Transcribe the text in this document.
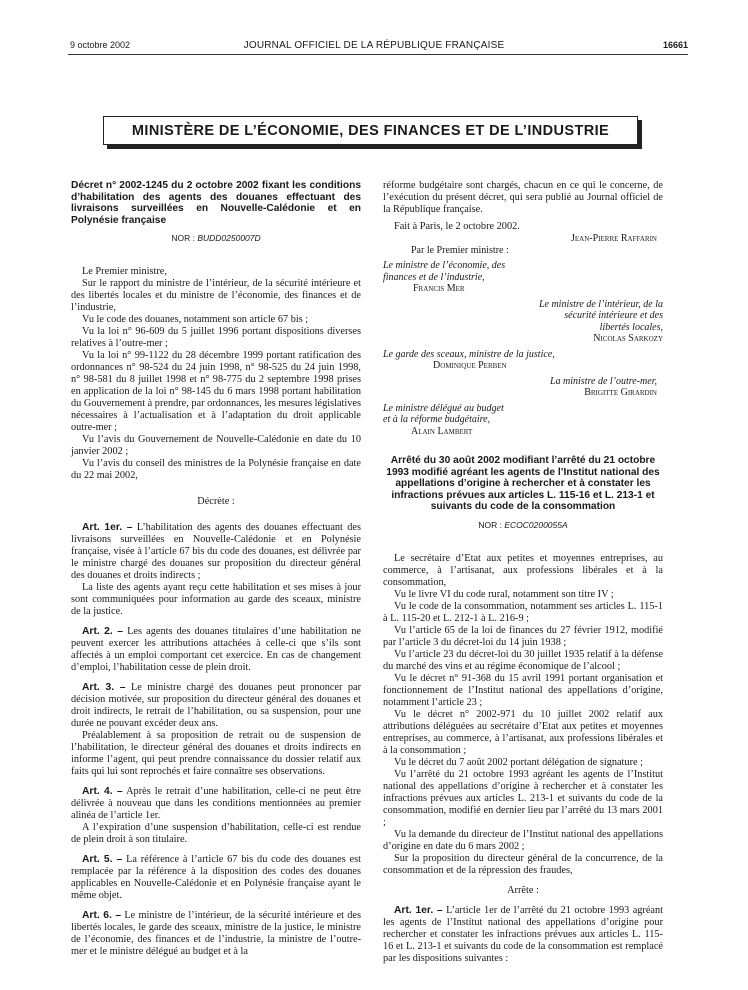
9 octobre 2002	JOURNAL OFFICIEL DE LA RÉPUBLIQUE FRANÇAISE	16661
MINISTÈRE DE L’ÉCONOMIE, DES FINANCES ET DE L’INDUSTRIE
Décret n° 2002-1245 du 2 octobre 2002 fixant les conditions d’habilitation des agents des douanes effectuant des livraisons surveillées en Nouvelle-Calédonie et en Polynésie française
NOR : BUDD0250007D

Le Premier ministre,

Sur le rapport du ministre de l’intérieur, de la sécurité intérieure et des libertés locales et du ministre de l’économie, des finances et de l’industrie,

Vu le code des douanes, notamment son article 67 bis ;

Vu la loi n° 96-609 du 5 juillet 1996 portant dispositions diverses relatives à l’outre-mer ;

Vu la loi n° 99-1122 du 28 décembre 1999 portant ratification des ordonnances n° 98-524 du 24 juin 1998, n° 98-525 du 24 juin 1998, n° 98-581 du 8 juillet 1998 et n° 98-775 du 2 septembre 1998 prises en application de la loi n° 98-145 du 6 mars 1998 portant habilitation du Gouvernement à prendre, par ordonnances, les mesures législatives nécessaires à l’actualisation et à l’adaptation du droit applicable outre-mer ;

Vu l’avis du Gouvernement de Nouvelle-Calédonie en date du 10 janvier 2002 ;

Vu l’avis du conseil des ministres de la Polynésie française en date du 22 mai 2002,

Décrète :

Art. 1er. – L’habilitation des agents des douanes effectuant des livraisons surveillées en Nouvelle-Calédonie et en Polynésie française, visée à l’article 67 bis du code des douanes, est délivrée par le ministre chargé des douanes sur proposition du directeur général des douanes et droits indirects ;

La liste des agents ayant reçu cette habilitation et ses mises à jour sont communiquées pour information au garde des sceaux, ministre de la justice.

Art. 2. – Les agents des douanes titulaires d’une habilitation ne peuvent exercer les attributions attachées à celle-ci que s’ils sont affectés à un emploi comportant cet exercice. En cas de changement d’emploi, l’habilitation cesse de plein droit.

Art. 3. – Le ministre chargé des douanes peut prononcer par décision motivée, sur proposition du directeur général des douanes et droit indirects, le retrait de l’habilitation, ou sa suspension, pour une durée ne pouvant excéder deux ans.

Préalablement à sa proposition de retrait ou de suspension de l’habilitation, le directeur général des douanes et droits indirects en informe l’agent, qui peut prendre connaissance du dossier relatif aux faits qui lui sont reprochés et faire connaître ses observations.

Art. 4. – Après le retrait d’une habilitation, celle-ci ne peut être délivrée à nouveau que dans les conditions mentionnées au premier alinéa de l’article 1er.

A l’expiration d’une suspension d’habilitation, celle-ci est rendue de plein droit à son titulaire.

Art. 5. – La référence à l’article 67 bis du code des douanes est remplacée par la référence à la disposition des codes des douanes applicables en Nouvelle-Calédonie et en Polynésie française ayant le même objet.

Art. 6. – Le ministre de l’intérieur, de la sécurité intérieure et des libertés locales, le garde des sceaux, ministre de la justice, le ministre de l’économie, des finances et de l’industrie, la ministre de l’outre-mer et le ministre délégué au budget et à la

réforme budgétaire sont chargés, chacun en ce qui le concerne, de l’exécution du présent décret, qui sera publié au Journal officiel de la République française.

Fait à Paris, le 2 octobre 2002.

Jean-Pierre Raffarin
Par le Premier ministre :
Le ministre de l’économie, des finances et de l’industrie,
Francis Mer
Le ministre de l’intérieur, de la sécurité intérieure et des libertés locales,
Nicolas Sarkozy
Le garde des sceaux, ministre de la justice,
Dominique Perben
La ministre de l’outre-mer,
Brigitte Girardin
Le ministre délégué au budget et à la réforme budgétaire,
Alain Lambert
Arrêté du 30 août 2002 modifiant l’arrêté du 21 octobre 1993 modifié agréant les agents de l’Institut national des appellations d’origine à rechercher et à constater les infractions prévues aux articles L. 115-16 et L. 213-1 et suivants du code de la consommation
NOR : ECOC0200055A

Le secrétaire d’Etat aux petites et moyennes entreprises, au commerce, à l’artisanat, aux professions libérales et à la consommation,

Vu le livre VI du code rural, notamment son titre IV ;

Vu le code de la consommation, notamment ses articles L. 115-1 à L. 115-20 et L. 212-1 à L. 216-9 ;

Vu l’article 65 de la loi de finances du 27 février 1912, modifié par l’article 3 du décret-loi du 14 juin 1938 ;

Vu l’article 23 du décret-loi du 30 juillet 1935 relatif à la défense du marché des vins et au régime économique de l’alcool ;

Vu le décret n° 91-368 du 15 avril 1991 portant organisation et fonctionnement de l’Institut national des appellations d’origine, notamment l’article 23 ;

Vu le décret n° 2002-971 du 10 juillet 2002 relatif aux attributions déléguées au secrétaire d’Etat aux petites et moyennes entreprises, au commerce, à l’artisanat, aux professions libérales et à la consommation ;

Vu le décret du 7 août 2002 portant délégation de signature ;

Vu l’arrêté du 21 octobre 1993 agréant les agents de l’Institut national des appellations d’origine à rechercher et à constater les infractions prévues aux articles L. 213-1 et suivants du code de la consommation, modifié en dernier lieu par l’arrêté du 13 mars 2001 ;

Vu la demande du directeur de l’Institut national des appellations d’origine en date du 6 mars 2002 ;

Sur la proposition du directeur général de la concurrence, de la consommation et de la répression des fraudes,

Arrête :

Art. 1er. – L’article 1er de l’arrêté du 21 octobre 1993 agréant les agents de l’Institut national des appellations d’origine pour rechercher et constater les infractions prévues aux articles L. 115-16 et L. 213-1 et suivants du code de la consommation est remplacé par les dispositions suivantes :
